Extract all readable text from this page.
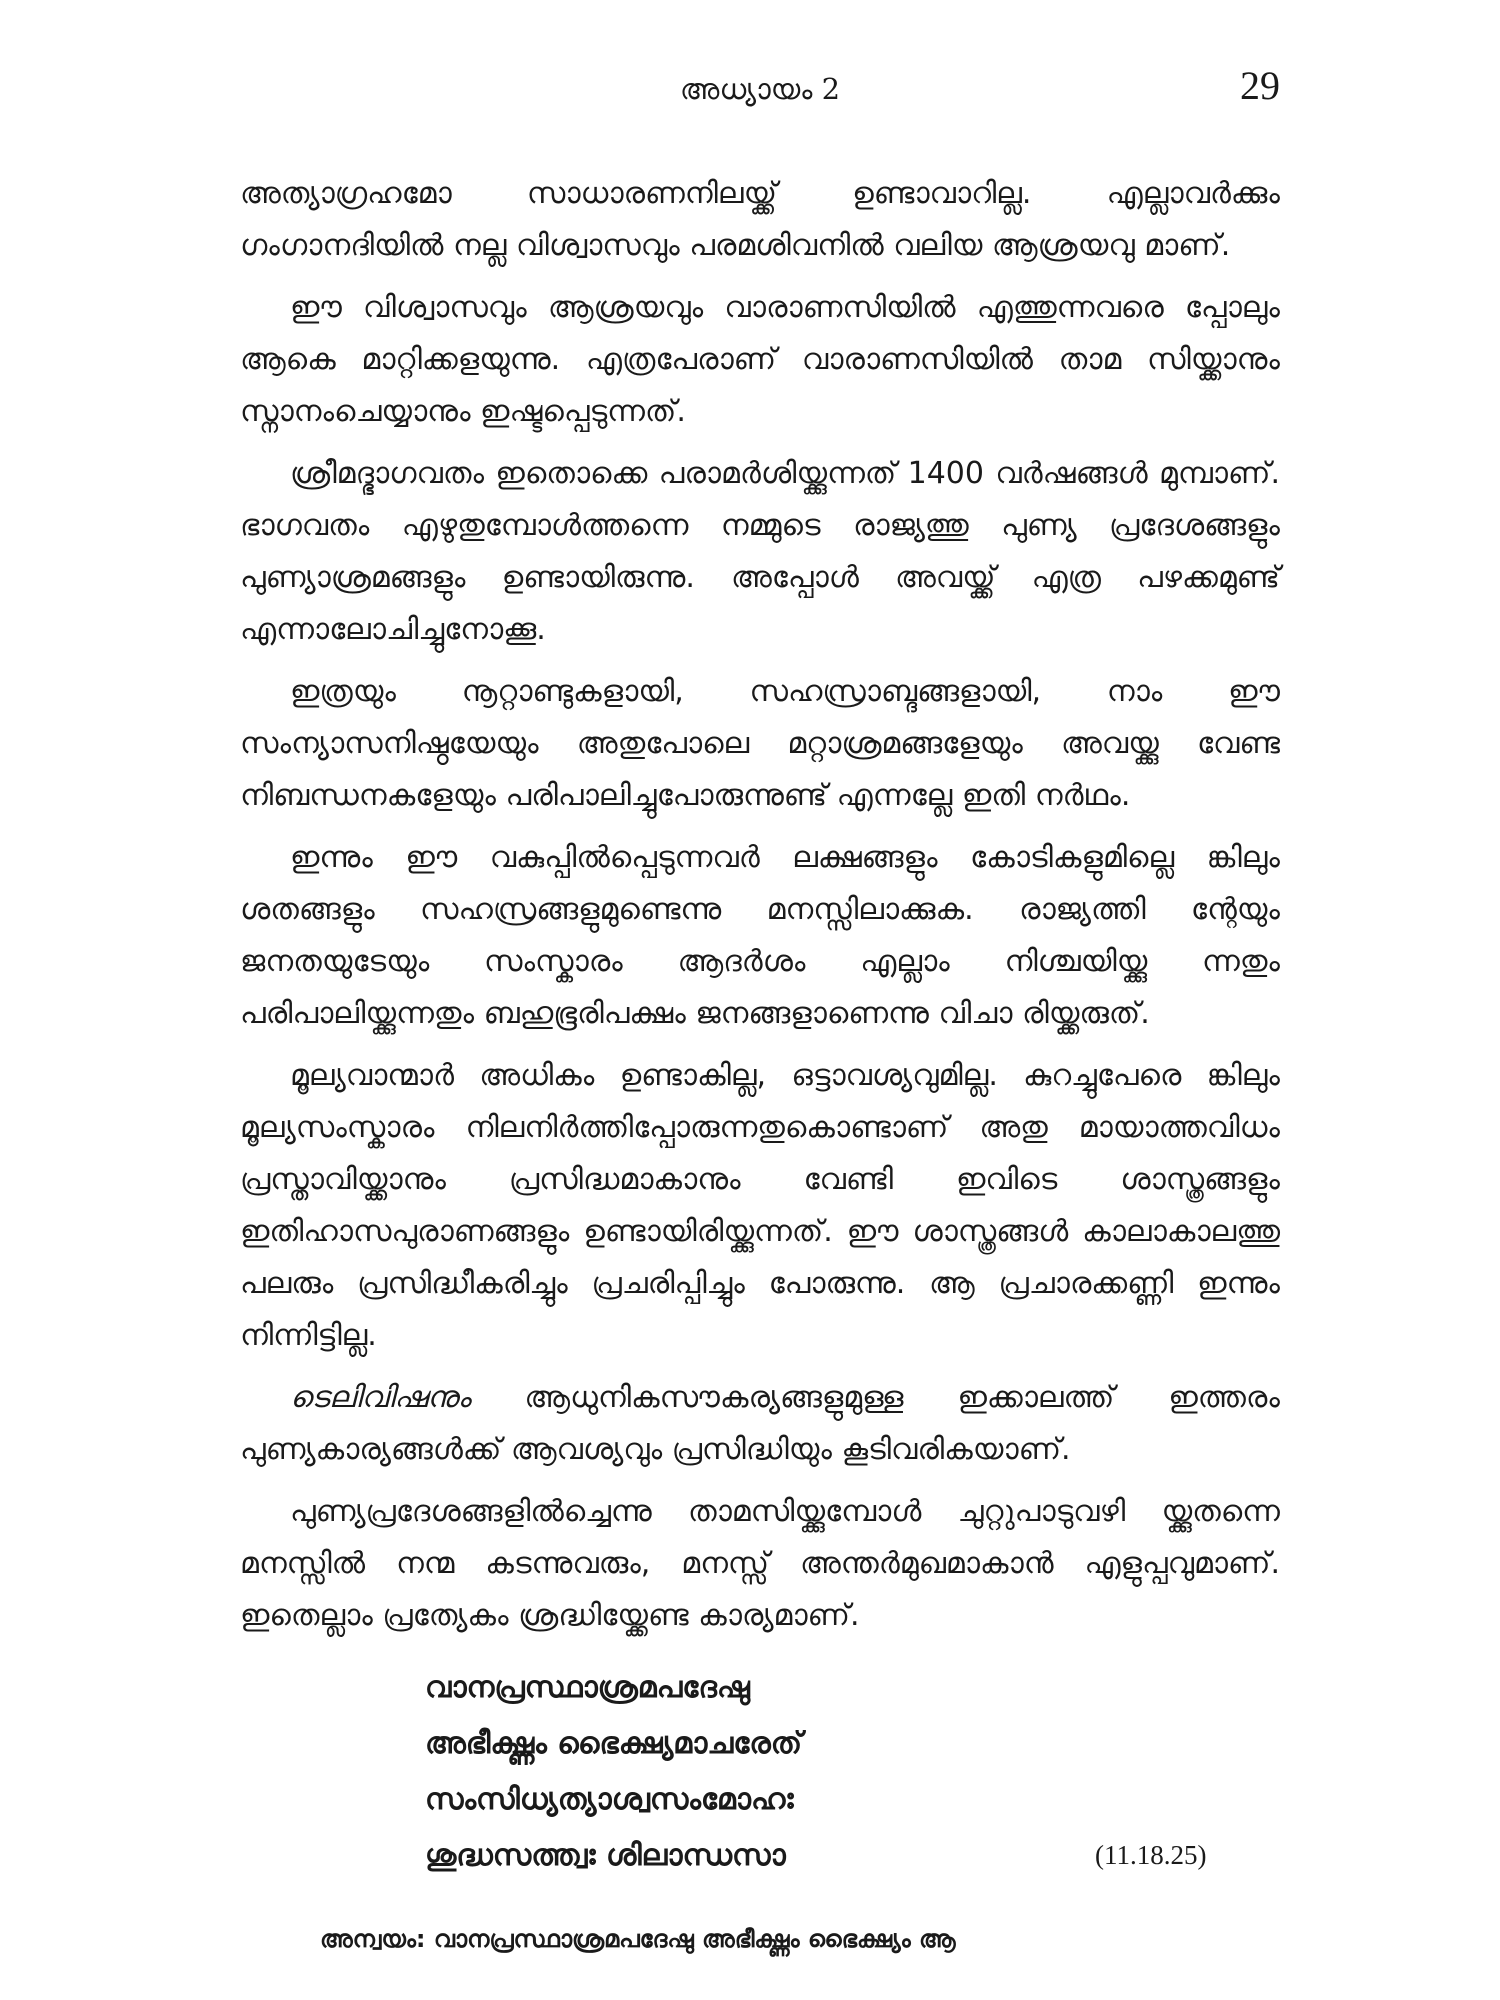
അധ്യായം 2	29

അത്യാഗ്രഹമോ സാധാരണനിലയ്ക്ക് ഉണ്ടാവാറില്ല. എല്ലാവർക്കും ഗംഗാനദിയിൽ നല്ല വിശ്വാസവും പരമശിവനിൽ വലിയ ആശ്രയവു മാണ്.

ഈ വിശ്വാസവും ആശ്രയവും വാരാണസിയിൽ എത്തുന്നവരെ പ്പോലും ആകെ മാറ്റിക്കളയുന്നു. എത്രപേരാണ് വാരാണസിയിൽ താമ സിയ്ക്കാനും സ്നാനംചെയ്യാനും ഇഷ്ടപ്പെടുന്നത്.

ശ്രീമദ്ഭാഗവതം ഇതൊക്കെ പരാമർശിയ്ക്കുന്നത് 1400 വർഷങ്ങൾ മുമ്പാണ്. ഭാഗവതം എഴുതുമ്പോൾത്തന്നെ നമ്മുടെ രാജ്യത്തു പുണ്യ പ്രദേശങ്ങളും പുണ്യാശ്രമങ്ങളും ഉണ്ടായിരുന്നു. അപ്പോൾ അവയ്ക്ക് എത്ര പഴക്കമുണ്ട് എന്നാലോചിച്ചുനോക്കൂ.

ഇത്രയും നൂറ്റാണ്ടുകളായി, സഹസ്രാബ്ദങ്ങളായി, നാം ഈ സംന്യാസനിഷ്ഠയേയും അതുപോലെ മറ്റാശ്രമങ്ങളേയും അവയ്ക്കു വേണ്ട നിബന്ധനകളേയും പരിപാലിച്ചുപോരുന്നുണ്ട് എന്നല്ലേ ഇതി നർഥം.

ഇന്നും ഈ വകുപ്പിൽപ്പെടുന്നവർ ലക്ഷങ്ങളും കോടികളുമില്ലെ ങ്കിലും ശതങ്ങളും സഹസ്രങ്ങളുമുണ്ടെന്നു മനസ്സിലാക്കുക. രാജ്യത്തി ന്റേയും ജനതയുടേയും സംസ്കാരം ആദർശം എല്ലാം നിശ്ചയിയ്ക്കു ന്നതും പരിപാലിയ്ക്കുന്നതും ബഹുഭൂരിപക്ഷം ജനങ്ങളാണെന്നു വിചാ രിയ്ക്കരുത്.

മൂല്യവാന്മാർ അധികം ഉണ്ടാകില്ല, ഒട്ടാവശ്യവുമില്ല. കുറച്ചുപേരെ ങ്കിലും മൂല്യസംസ്കാരം നിലനിർത്തിപ്പോരുന്നതുകൊണ്ടാണ് അതു മായാത്തവിധം പ്രസ്താവിയ്ക്കാനും പ്രസിദ്ധമാകാനും വേണ്ടി ഇവിടെ ശാസ്ത്രങ്ങളും ഇതിഹാസപുരാണങ്ങളും ഉണ്ടായിരിയ്ക്കുന്നത്. ഈ ശാസ്ത്രങ്ങൾ കാലാകാലത്തു പലരും പ്രസിദ്ധീകരിച്ചും പ്രചരിപ്പിച്ചും പോരുന്നു. ആ പ്രചാരക്കണ്ണി ഇന്നും നിന്നിട്ടില്ല.

ടെലിവിഷനും ആധുനികസൗകര്യങ്ങളുമുള്ള ഇക്കാലത്ത് ഇത്തരം പുണ്യകാര്യങ്ങൾക്ക് ആവശ്യവും പ്രസിദ്ധിയും കൂടിവരികയാണ്.

പുണ്യപ്രദേശങ്ങളിൽച്ചെന്നു താമസിയ്ക്കുമ്പോൾ ചുറ്റുപാടുവഴി യ്ക്കുതന്നെ മനസ്സിൽ നന്മ കടന്നുവരും, മനസ്സ് അന്തർമുഖമാകാൻ എളുപ്പവുമാണ്. ഇതെല്ലാം പ്രത്യേകം ശ്രദ്ധിയ്ക്കേണ്ട കാര്യമാണ്.

വാനപ്രസ്ഥാശ്രമപദേഷു
അഭീക്ഷ്ണം ഭൈക്ഷ്യമാചരേത്
സംസിധ്യത്യാശ്വസംമോഹഃ
ശുദ്ധസത്ത്വഃ ശിലാന്ധസാ	(11.18.25)
അന്വയം: വാനപ്രസ്ഥാശ്രമപദേഷു അഭീക്ഷ്ണം ഭൈക്ഷ്യം ആ
